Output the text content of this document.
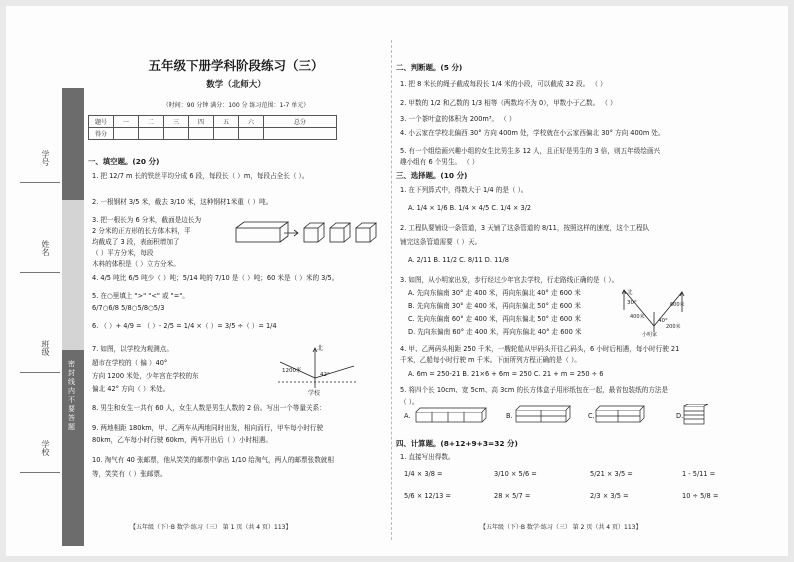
密封线内不要答题
学号
姓名
班级
学校
五年级下册学科阶段练习（三）
数学（北师大）
（时间：90 分钟 满分：100 分 练习范围：1-7 单元）
题号	一	二	三	四	五	六	总分
得分							
一、填空题。(20 分)
1. 把 12/7 m 长的铁丝平均分成 6 段，每段长（ ）m，每段占全长（ ）。
2. 一根钢材 3/5 米，截去 3/10 米，这种钢材1米重（ ）吨。
3. 把一根长为 6 分米，截面是边长为
2 分米的正方形的长方体木料，平
均截成了 3 段，表面积增加了
（ ）平方分米，每段
木料的体积是（ ）立方分米。
4. 4/5 吨比 6/5 吨少（ ）吨；5/14 吨的 7/10 是（ ）吨；60 米是（ ）米的 3/5。
5. 在○里填上 ">" "<" 或 "="。
6/7○6/8 5/8○5/8○5/3
6. （ ）+ 4/9 = （ ）- 2/5 = 1/4 ×（ ）= 3/5 ÷（ ）= 1/4
7. 如图，以学校为观测点。
超市在学校的（ 偏 ）40°
方向 1200 米处，少年宫在学校的东
偏北 42° 方向（ ）米处。
北
学校
1200米
42°
8. 男生和女生一共有 60 人，女生人数是男生人数的 2 倍。写出一个等量关系：
9. 两地相距 180km，甲、乙两车从两地同时出发，相向而行，甲车每小时行驶
80km，乙车每小时行驶 60km，两车开出后（ ）小时相遇。
10. 淘气有 40 张邮票，他从笑笑的邮票中拿出 1/10 给淘气，两人的邮票张数就相
等，笑笑有（ ）张邮票。
【五年级（下）·B 数学·练习（三） 第 1 页（共 4 页）113】
二、判断题。(5 分)
1. 把 8 米长的绳子截成每段长 1/4 米的小段，可以截成 32 段。 （ ）
2. 甲数的 1/2 和乙数的 1/3 相等（两数均不为 0），甲数小于乙数。 （ ）
3. 一个茶叶盒的体积为 200m³。 （ ）
4. 小云家在学校北偏西 30° 方向 400m 处，学校就在小云家西偏北 30° 方向 400m 处。
5. 有一个组绘画兴趣小组的女生比男生多 12 人，且正好是男生的 3 倍，则五年级绘画兴
趣小组有 6 个男生。 （ ）
三、选择题。(10 分)
1. 在下列算式中，得数大于 1/4 的是（ ）。
A. 1/4 × 1/6 B. 1/4 × 4/5 C. 1/4 × 3/2
2. 工程队要铺设一条管道，3 天铺了这条管道的 8/11，按照这样的速度，这个工程队
铺完这条管道需要（ ）天。
A. 2/11 B. 11/2 C. 8/11 D. 11/8
3. 如图，从小明家出发，步行经过少年宫去学校，行走路线正确的是（ ）。
A. 先向东偏南 30° 走 400 米，再向东偏北 40° 走 600 米
B. 先向东偏南 30° 走 400 米，再向东偏北 50° 走 600 米
C. 先向东偏南 60° 走 400 米，再向东偏北 50° 走 600 米
D. 先向东偏南 60° 走 400 米，再向东偏北 40° 走 600 米
北
30°
40°
400米
200米
600米
小明家
4. 甲、乙两码头相距 250 千米，一艘轮船从甲码头开往乙码头，6 小时后相遇，每小时行驶 21
千米，乙船每小时行驶 m 千米。下面所列方程正确的是（ ）。
A. 6m = 250-21 B. 21×6 + 6m = 250 C. 21 + m = 250 ÷ 6
5. 将四个长 10cm、宽 5cm、高 3cm 的长方体盒子用形纸包在一起，最省包装纸的方法是
（ ）。
A.	B.	C.	D.
四、计算题。(8+12+9+3=32 分)
1. 直接写出得数。
1/4 × 3/8 =	3/10 × 5/6 =	5/21 × 3/5 =	1 - 5/11 =
5/6 × 12/13 =	28 × 5/7 =	2/3 × 3/5 =	10 ÷ 5/8 =
【五年级（下）·B 数学·练习（三） 第 2 页（共 4 页）113】
